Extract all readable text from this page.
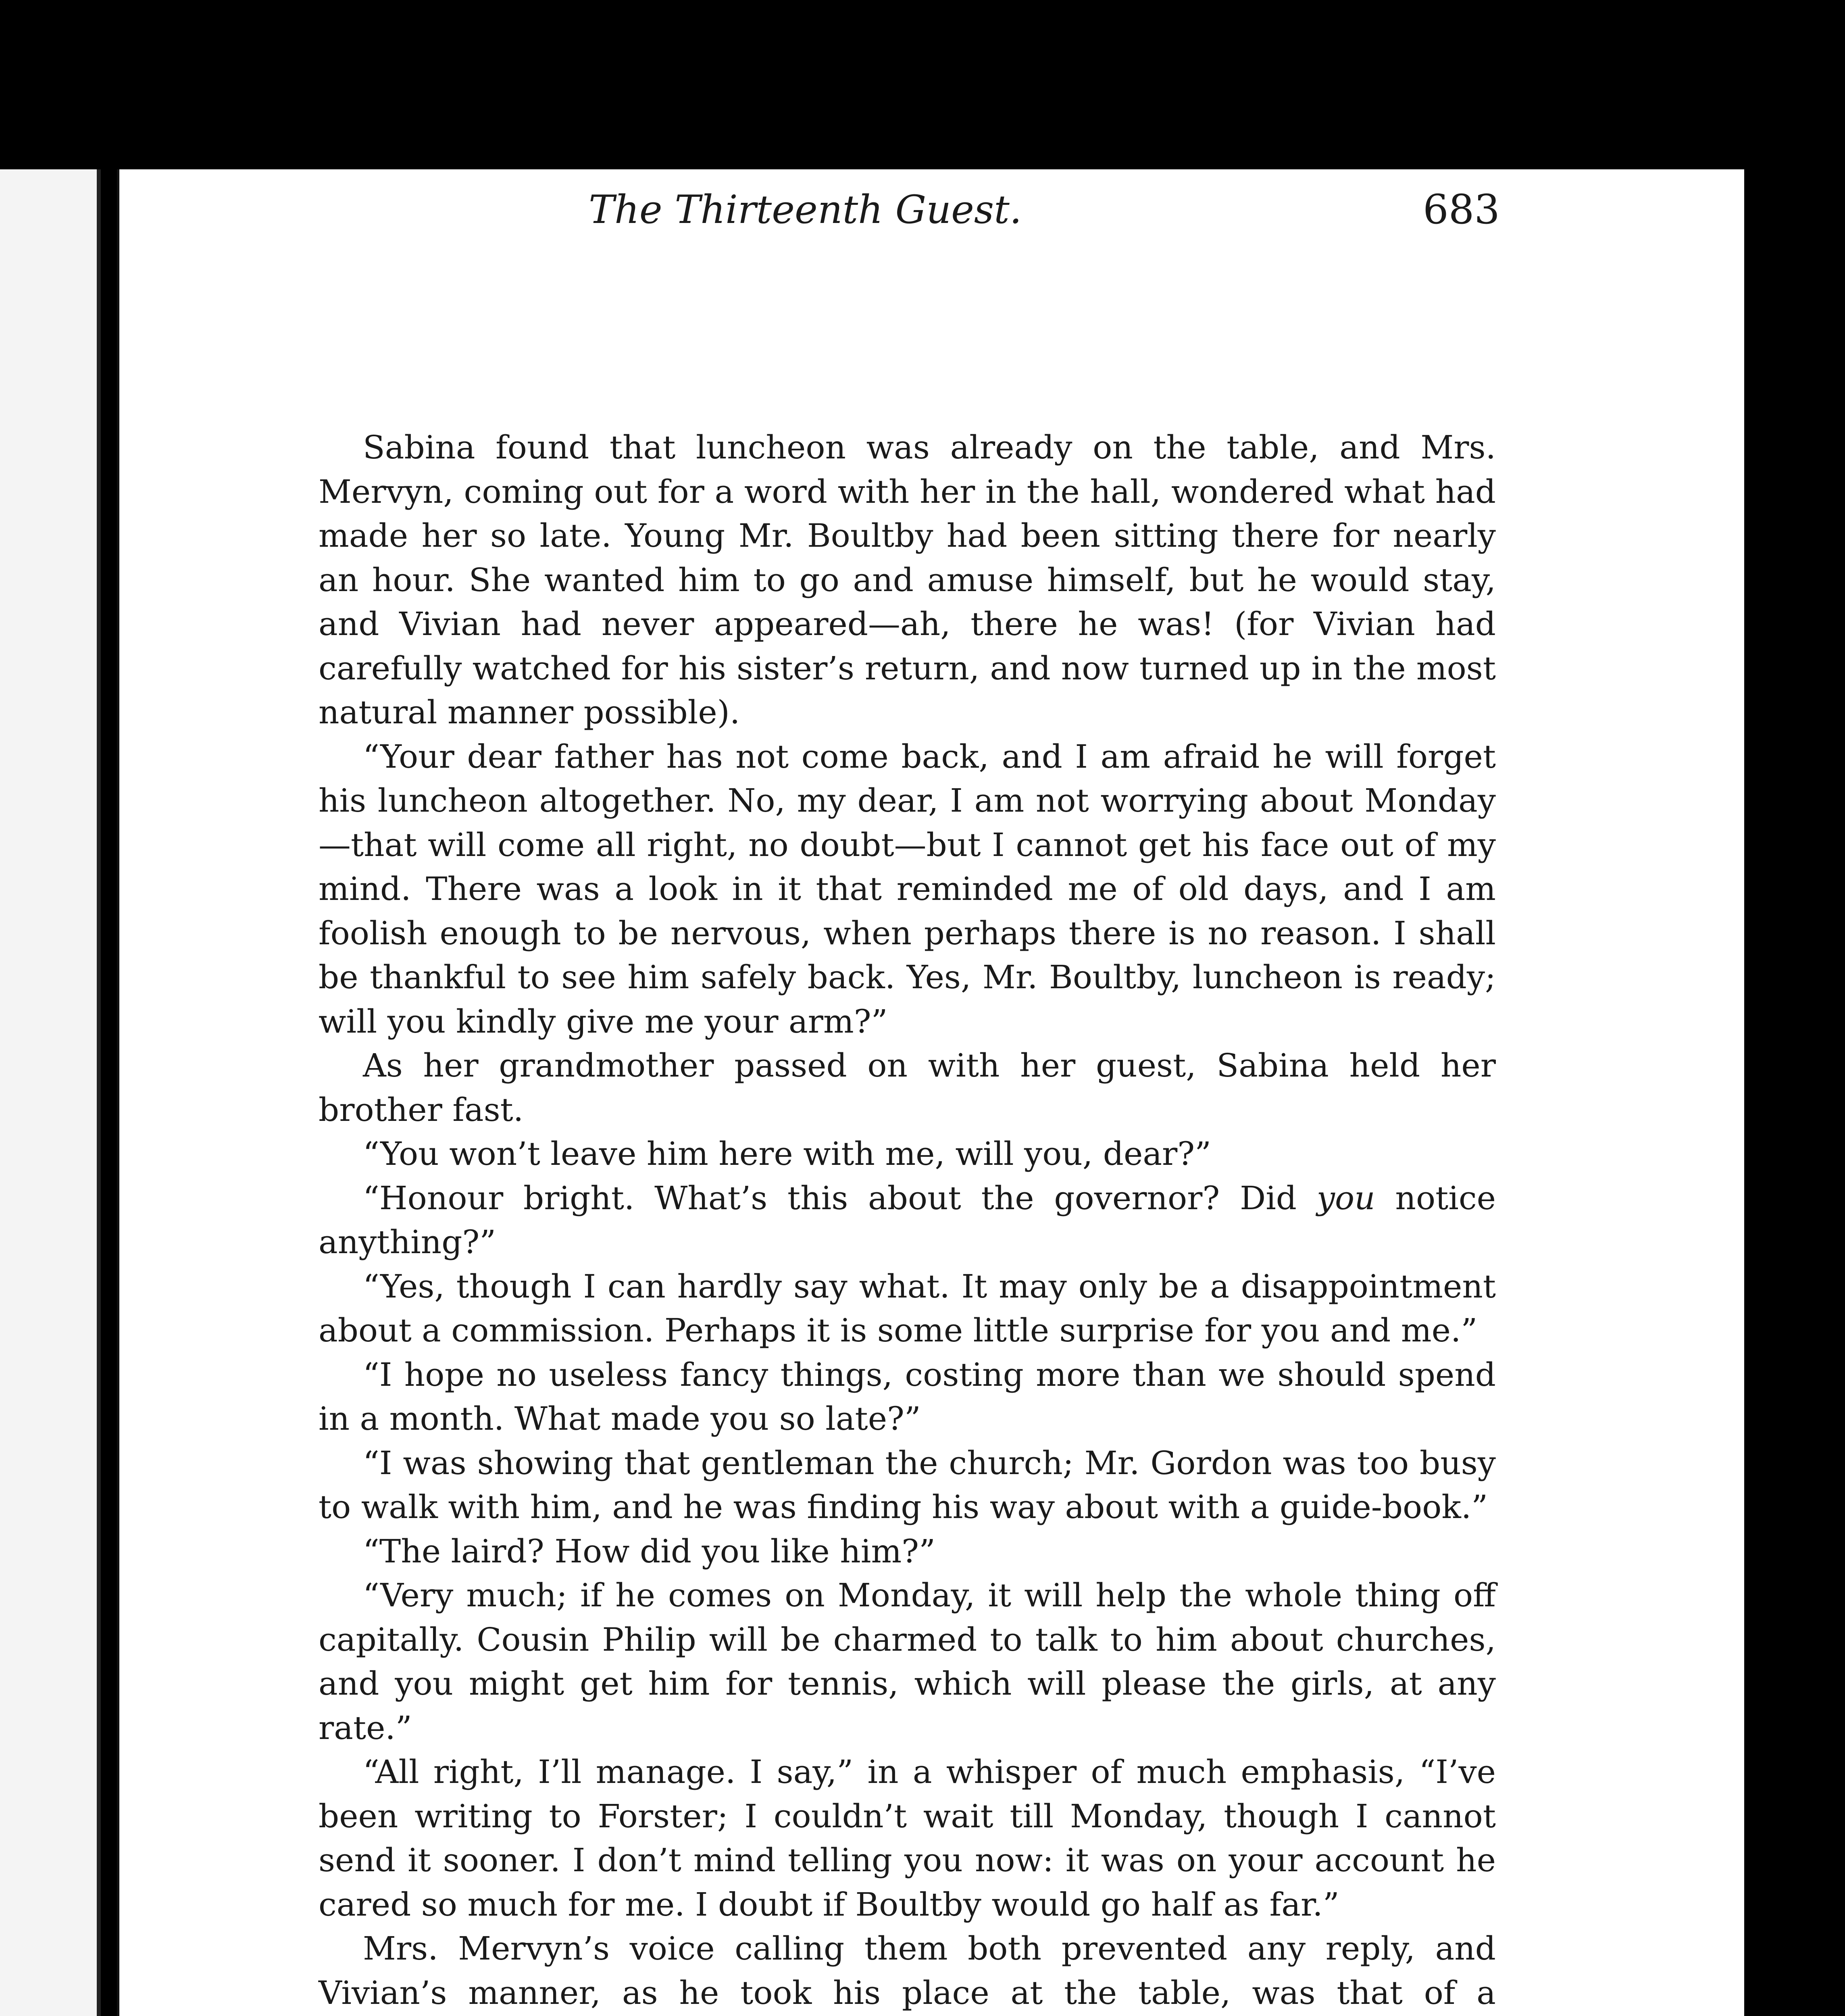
The Thirteenth Guest.	683

Sabina found that luncheon was already on the table, and Mrs. Mervyn, coming out for a word with her in the hall, wondered what had made her so late. Young Mr. Boultby had been sitting there for nearly an hour. She wanted him to go and amuse himself, but he would stay, and Vivian had never appeared—ah, there he was! (for Vivian had carefully watched for his sister’s return, and now turned up in the most natural manner possible).

“Your dear father has not come back, and I am afraid he will forget his luncheon altogether. No, my dear, I am not worrying about Monday—that will come all right, no doubt—but I cannot get his face out of my mind. There was a look in it that reminded me of old days, and I am foolish enough to be nervous, when perhaps there is no reason. I shall be thankful to see him safely back. Yes, Mr. Boultby, luncheon is ready; will you kindly give me your arm?”

As her grandmother passed on with her guest, Sabina held her brother fast.

“You won’t leave him here with me, will you, dear?”

“Honour bright. What’s this about the governor? Did you notice anything?”

“Yes, though I can hardly say what. It may only be a disappointment about a commission. Perhaps it is some little surprise for you and me.”

“I hope no useless fancy things, costing more than we should spend in a month. What made you so late?”

“I was showing that gentleman the church; Mr. Gordon was too busy to walk with him, and he was finding his way about with a guide-book.”

“The laird? How did you like him?”

“Very much; if he comes on Monday, it will help the whole thing off capitally. Cousin Philip will be charmed to talk to him about churches, and you might get him for tennis, which will please the girls, at any rate.”

“All right, I’ll manage. I say,” in a whisper of much emphasis, “I’ve been writing to Forster; I couldn’t wait till Monday, though I cannot send it sooner. I don’t mind telling you now: it was on your account he cared so much for me. I doubt if Boultby would go half as far.”

Mrs. Mervyn’s voice calling them both prevented any reply, and Vivian’s manner, as he took his place at the table, was that of a
